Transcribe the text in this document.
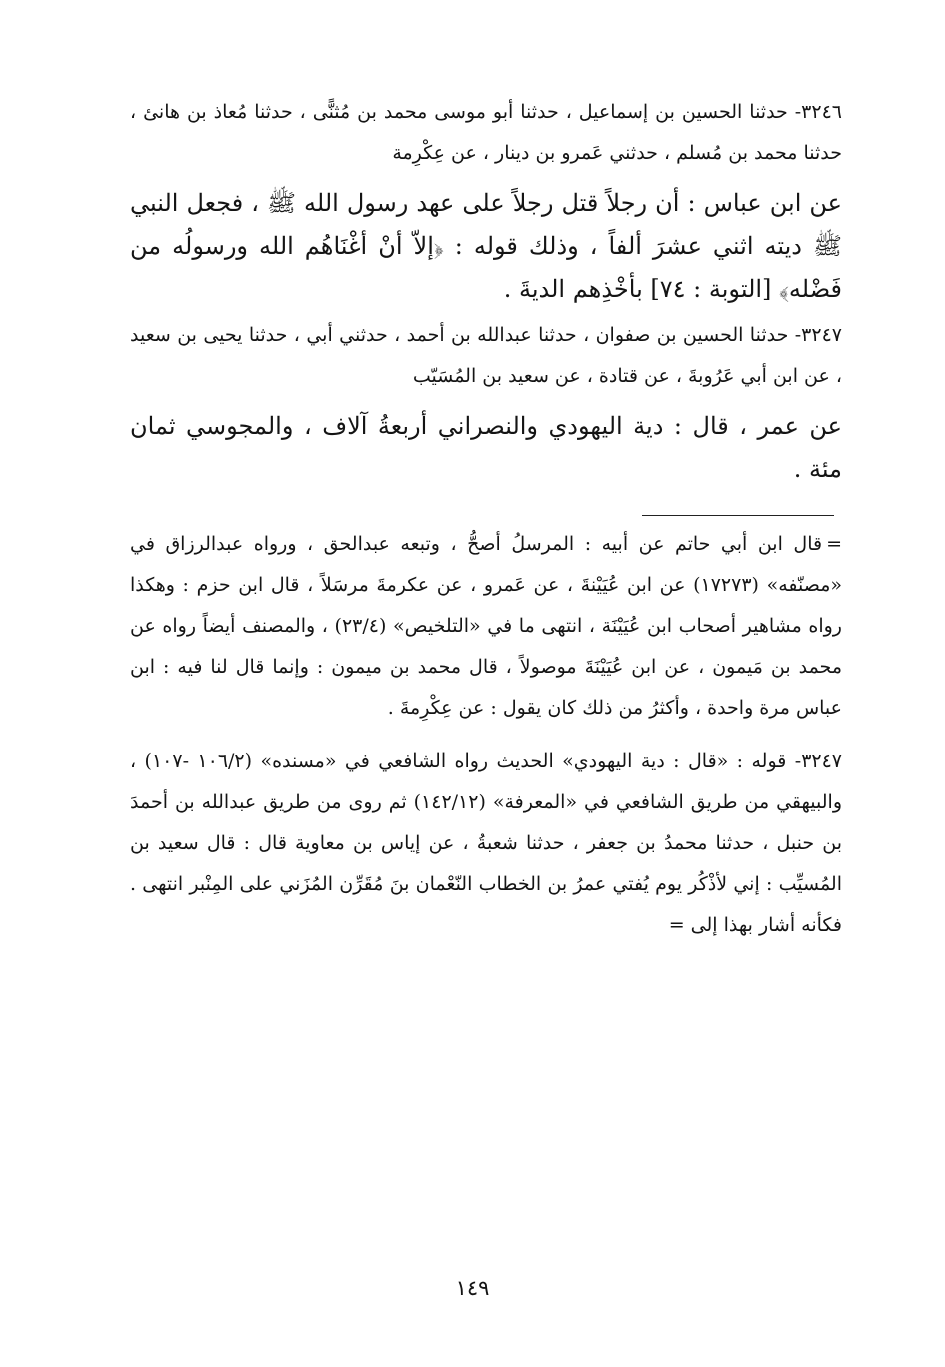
٣٢٤٦- حدثنا الحسين بن إسماعيل ، حدثنا أبو موسى محمد بن مُثنًّى ، حدثنا مُعاذ بن هانئ ، حدثنا محمد بن مُسلم ، حدثني عَمرو بن دينار ، عن عِكْرِمة
عن ابن عباس : أن رجلاً قتل رجلاً على عهد رسول الله ﷺ ، فجعل النبي ﷺ ديته اثني عشرَ ألفاً ، وذلك قوله : ﴿إلاّ أنْ أغْنَاهُم الله ورسولُه من فَضْله﴾ [التوبة : ٧٤] بأخْذِهم الديةَ .
٣٢٤٧- حدثنا الحسين بن صفوان ، حدثنا عبدالله بن أحمد ، حدثني أبي ، حدثنا يحيى بن سعيد ، عن ابن أبي عَرُوبةَ ، عن قتادة ، عن سعيد بن المُسَيّب
عن عمر ، قال : دية اليهودي والنصراني أربعةُ آلاف ، والمجوسي ثمان مئة .
=قال ابن أبي حاتم عن أبيه : المرسلُ أصحُّ ، وتبعه عبدالحق ، ورواه عبدالرزاق في «مصنّفه» (١٧٢٧٣) عن ابن عُيَيْنةَ ، عن عَمرو ، عن عكرمةَ مرسَلاً ، قال ابن حزم : وهكذا رواه مشاهير أصحاب ابن عُيَيْنَة ، انتهى ما في «التلخيص» (٢٣/٤) ، والمصنف أيضاً رواه عن محمد بن مَيمون ، عن ابن عُيَيْنَةَ موصولاً ، قال محمد بن ميمون : وإنما قال لنا فيه : ابن عباس مرة واحدة ، وأكثرُ من ذلك كان يقول : عن عِكْرِمةَ .
٣٢٤٧- قوله : «قال : دية اليهودي» الحديث رواه الشافعي في «مسنده» (١٠٦/٢ -١٠٧) ، والبيهقي من طريق الشافعي في «المعرفة» (١٤٢/١٢) ثم روى من طريق عبدالله بن أحمدَ بن حنبل ، حدثنا محمدُ بن جعفر ، حدثنا شعبةُ ، عن إياس بن معاوية قال : قال سعيد بن المُسيِّب : إني لأذْكُر يوم يُفتي عمرُ بن الخطاب النّعْمان بنَ مُقَرِّن المُزَني على المِنْبر انتهى . فكأنه أشار بهذا إلى =
١٤٩
